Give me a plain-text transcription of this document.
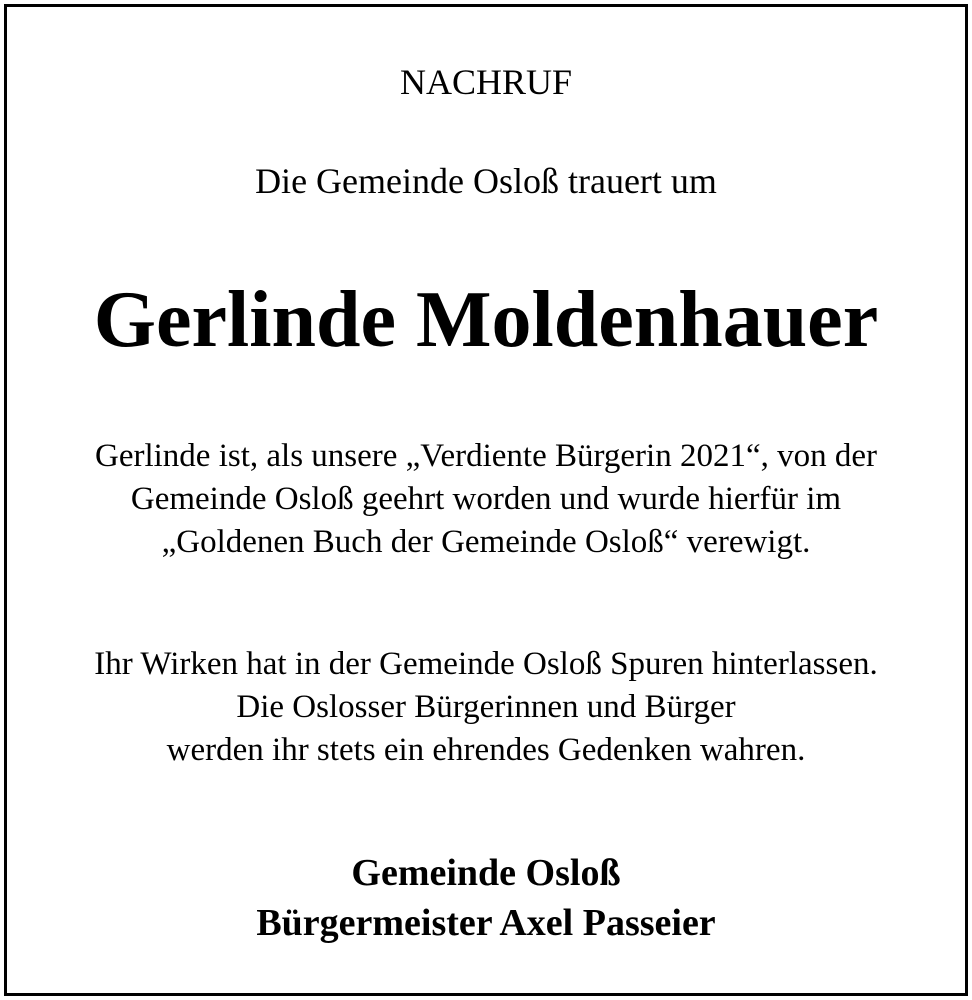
NACHRUF
Die Gemeinde Osloß trauert um
Gerlinde Moldenhauer
Gerlinde ist, als unsere „Verdiente Bürgerin 2021“, von der
Gemeinde Osloß geehrt worden und wurde hierfür im
„Goldenen Buch der Gemeinde Osloß“ verewigt.
Ihr Wirken hat in der Gemeinde Osloß Spuren hinterlassen.
Die Oslosser Bürgerinnen und Bürger
werden ihr stets ein ehrendes Gedenken wahren.
Gemeinde Osloß
Bürgermeister Axel Passeier
